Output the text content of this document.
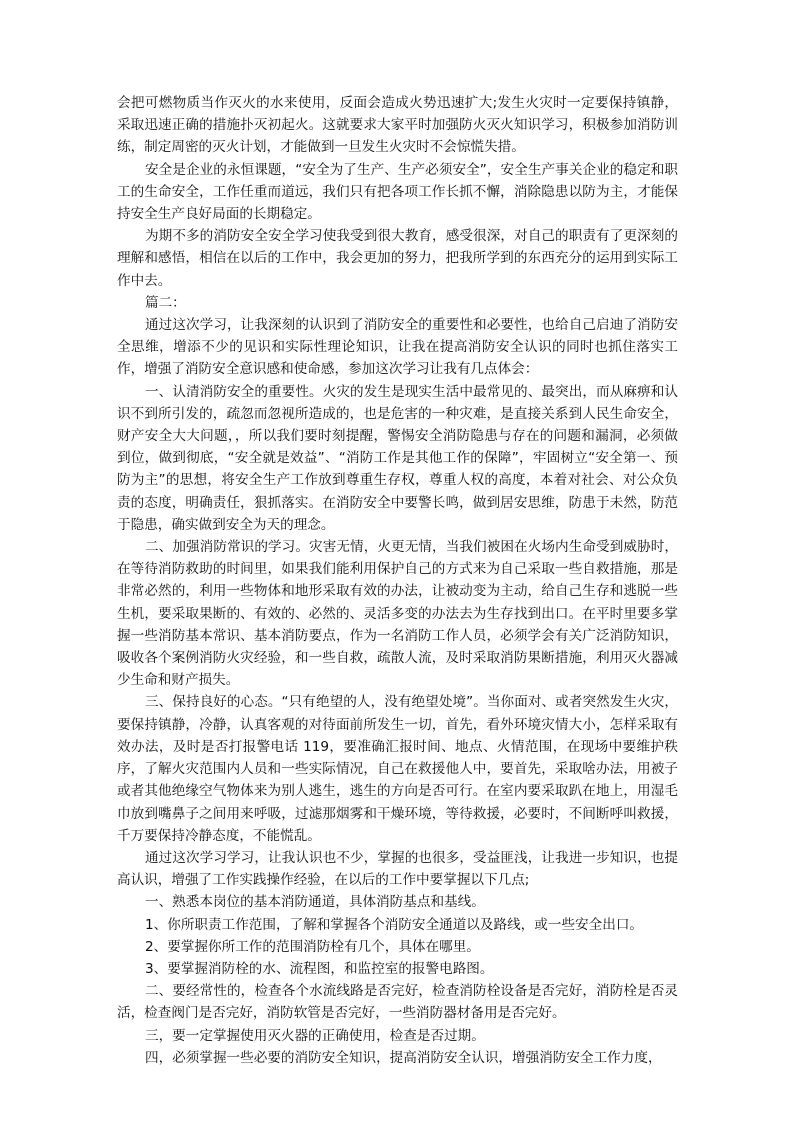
会把可燃物质当作灭火的水来使用，反面会造成火势迅速扩大;发生火灾时一定要保持镇静，采取迅速正确的措施扑灭初起火。这就要求大家平时加强防火灭火知识学习，积极参加消防训练，制定周密的灭火计划，才能做到一旦发生火灾时不会惊慌失措。

安全是企业的永恒课题，“安全为了生产、生产必须安全”，安全生产事关企业的稳定和职工的生命安全，工作任重而道远，我们只有把各项工作长抓不懈，消除隐患以防为主，才能保持安全生产良好局面的长期稳定。

为期不多的消防安全安全学习使我受到很大教育，感受很深，对自己的职责有了更深刻的理解和感悟，相信在以后的工作中，我会更加的努力，把我所学到的东西充分的运用到实际工作中去。

篇二：

通过这次学习，让我深刻的认识到了消防安全的重要性和必要性，也给自己启迪了消防安全思维，增添不少的见识和实际性理论知识，让我在提高消防安全认识的同时也抓住落实工作，增强了消防安全意识感和使命感，参加这次学习让我有几点体会：

一、认清消防安全的重要性。火灾的发生是现实生活中最常见的、最突出，而从麻痹和认识不到所引发的，疏忽而忽视所造成的，也是危害的一种灾难，是直接关系到人民生命安全，财产安全大大问题，，所以我们要时刻提醒，警惕安全消防隐患与存在的问题和漏洞，必须做到位，做到彻底，“安全就是效益”、“消防工作是其他工作的保障”，牢固树立“安全第一、预防为主”的思想，将安全生产工作放到尊重生存权，尊重人权的高度，本着对社会、对公众负责的态度，明确责任，狠抓落实。在消防安全中要警长鸣，做到居安思维，防患于未然，防范于隐患，确实做到安全为天的理念。

二、加强消防常识的学习。灾害无情，火更无情，当我们被困在火场内生命受到威胁时，在等待消防救助的时间里，如果我们能利用保护自己的方式来为自己采取一些自救措施，那是非常必然的，利用一些物体和地形采取有效的办法，让被动变为主动，给自己生存和逃脱一些生机，要采取果断的、有效的、必然的、灵活多变的办法去为生存找到出口。在平时里要多掌握一些消防基本常识、基本消防要点，作为一名消防工作人员，必须学会有关广泛消防知识，吸收各个案例消防火灾经验，和一些自救，疏散人流，及时采取消防果断措施，利用灭火器减少生命和财产损失。

三、保持良好的心态。“只有绝望的人，没有绝望处境”。当你面对、或者突然发生火灾，要保持镇静，冷静，认真客观的对待面前所发生一切，首先，看外环境灾情大小，怎样采取有效办法，及时是否打报警电话 119，要准确汇报时间、地点、火情范围，在现场中要维护秩序，了解火灾范围内人员和一些实际情况，自己在救援他人中，要首先，采取啥办法，用被子或者其他绝缘空气物体来为别人逃生，逃生的方向是否可行。在室内要采取趴在地上，用湿毛巾放到嘴鼻子之间用来呼吸，过滤那烟雾和干燥环境，等待救援，必要时，不间断呼叫救援，千万要保持冷静态度，不能慌乱。

通过这次学习学习，让我认识也不少，掌握的也很多，受益匪浅，让我进一步知识，也提高认识，增强了工作实践操作经验，在以后的工作中要掌握以下几点;

一、熟悉本岗位的基本消防通道，具体消防基点和基线。

1、你所职责工作范围，了解和掌握各个消防安全通道以及路线，或一些安全出口。

2、要掌握你所工作的范围消防栓有几个，具体在哪里。

3、要掌握消防栓的水、流程图，和监控室的报警电路图。

二、要经常性的，检查各个水流线路是否完好，检查消防栓设备是否完好，消防栓是否灵活，检查阀门是否完好，消防软管是否完好，一些消防器材备用是否完好。

三，要一定掌握使用灭火器的正确使用，检查是否过期。

四，必须掌握一些必要的消防安全知识，提高消防安全认识，增强消防安全工作力度，
